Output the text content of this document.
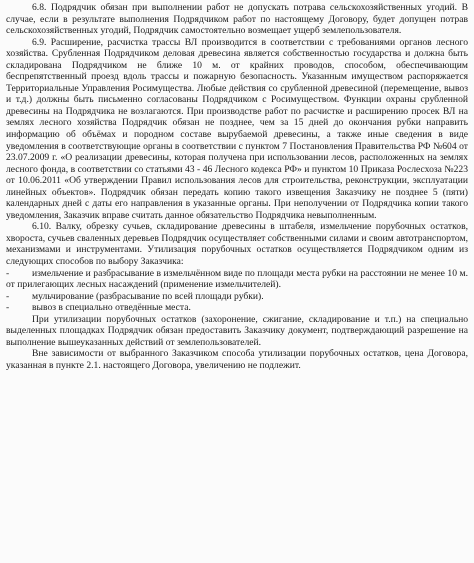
6.8. Подрядчик обязан при выполнении работ не допускать потрава сельскохозяйственных угодий. В случае, если в результате выполнения Подрядчиком работ по настоящему Договору, будет допущен потрав сельскохозяйственных угодий, Подрядчик самостоятельно возмещает ущерб землепользователя.

6.9. Расширение, расчистка трассы ВЛ производится в соответствии с требованиями органов лесного хозяйства. Срубленная Подрядчиком деловая древесина является собственностью государства и должна быть складирована Подрядчиком не ближе 10 м. от крайних проводов, способом, обеспечивающим беспрепятственный проезд вдоль трассы и пожарную безопасность. Указанным имуществом распоряжается Территориальные Управления Росимущества. Любые действия со срубленной древесиной (перемещение, вывоз и т.д.) должны быть письменно согласованы Подрядчиком с Росимуществом. Функции охраны срубленной древесины на Подрядчика не возлагаются. При производстве работ по расчистке и расширению просек ВЛ на землях лесного хозяйства Подрядчик обязан не позднее, чем за 15 дней до окончания рубки направить информацию об объёмах и породном составе вырубаемой древесины, а также иные сведения в виде уведомления в соответствующие органы в соответствии с пунктом 7 Постановления Правительства РФ №604 от 23.07.2009 г. «О реализации древесины, которая получена при использовании лесов, расположенных на землях лесного фонда, в соответствии со статьями 43 - 46 Лесного кодекса РФ» и пунктом 10 Приказа Рослесхоза №223 от 10.06.2011 «Об утверждении Правил использования лесов для строительства, реконструкции, эксплуатации линейных объектов». Подрядчик обязан передать копию такого извещения Заказчику не позднее 5 (пяти) календарных дней с даты его направления в указанные органы. При неполучении от Подрядчика копии такого уведомления, Заказчик вправе считать данное обязательство Подрядчика невыполненным.

6.10. Валку, обрезку сучьев, складирование древесины в штабеля, измельчение порубочных остатков, хвороста, сучьев сваленных деревьев Подрядчик осуществляет собственными силами и своим автотранспортом, механизмами и инструментами. Утилизация порубочных остатков осуществляется Подрядчиком одним из следующих способов по выбору Заказчика:

- измельчение и разбрасывание в измельчённом виде по площади места рубки на расстоянии не менее 10 м. от прилегающих лесных насаждений (применение измельчителей).

- мульчирование (разбрасывание по всей площади рубки).

- вывоз в специально отведённые места.

При утилизации порубочных остатков (захоронение, сжигание, складирование и т.п.) на специально выделенных площадках Подрядчик обязан предоставить Заказчику документ, подтверждающий разрешение на выполнение вышеуказанных действий от землепользователей.

Вне зависимости от выбранного Заказчиком способа утилизации порубочных остатков, цена Договора, указанная в пункте 2.1. настоящего Договора, увеличению не подлежит.
